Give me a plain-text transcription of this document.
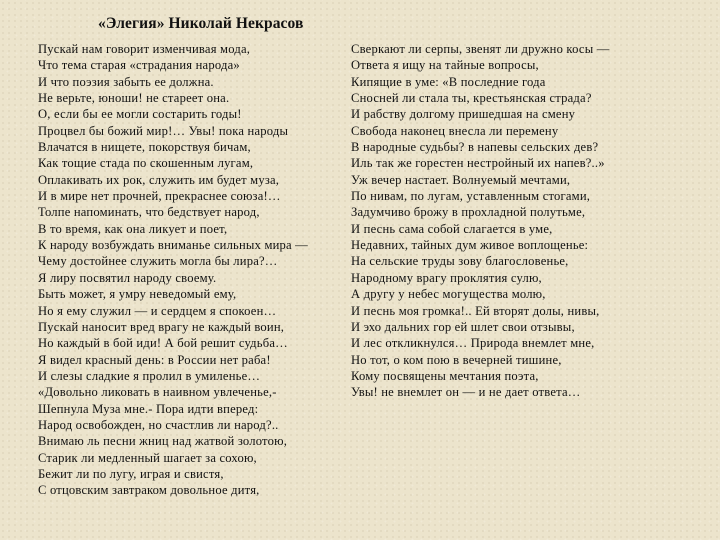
«Элегия» Николай Некрасов
Пускай нам говорит изменчивая мода,
Что тема старая «страдания народа»
И что поэзия забыть ее должна.
Не верьте, юноши! не стареет она.
О, если бы ее могли состарить годы!
Процвел бы божий мир!… Увы! пока народы
Влачатся в нищете, покорствуя бичам,
Как тощие стада по скошенным лугам,
Оплакивать их рок, служить им будет муза,
И в мире нет прочней, прекраснее союза!…
Толпе напоминать, что бедствует народ,
В то время, как она ликует и поет,
К народу возбуждать вниманье сильных мира —
Чему достойнее служить могла бы лира?…
Я лиру посвятил народу своему.
Быть может, я умру неведомый ему,
Но я ему служил — и сердцем я спокоен…
Пускай наносит вред врагу не каждый воин,
Но каждый в бой иди! А бой решит судьба…
Я видел красный день: в России нет раба!
И слезы сладкие я пролил в умиленье…
«Довольно ликовать в наивном увлеченье,-
Шепнула Муза мне.- Пора идти вперед:
Народ освобожден, но счастлив ли народ?..
Внимаю ль песни жниц над жатвой золотою,
Старик ли медленный шагает за сохою,
Бежит ли по лугу, играя и свистя,
С отцовским завтраком довольное дитя,
Сверкают ли серпы, звенят ли дружно косы —
Ответа я ищу на тайные вопросы,
Кипящие в уме: «В последние года
Сносней ли стала ты, крестьянская страда?
И рабству долгому пришедшая на смену
Свобода наконец внесла ли перемену
В народные судьбы? в напевы сельских дев?
Иль так же горестен нестройный их напев?..»
Уж вечер настает. Волнуемый мечтами,
По нивам, по лугам, уставленным стогами,
Задумчиво брожу в прохладной полутьме,
И песнь сама собой слагается в уме,
Недавних, тайных дум живое воплощенье:
На сельские труды зову благословенье,
Народному врагу проклятия сулю,
А другу у небес могущества молю,
И песнь моя громка!.. Ей вторят долы, нивы,
И эхо дальних гор ей шлет свои отзывы,
И лес откликнулся… Природа внемлет мне,
Но тот, о ком пою в вечерней тишине,
Кому посвящены мечтания поэта,
Увы! не внемлет он — и не дает ответа…
